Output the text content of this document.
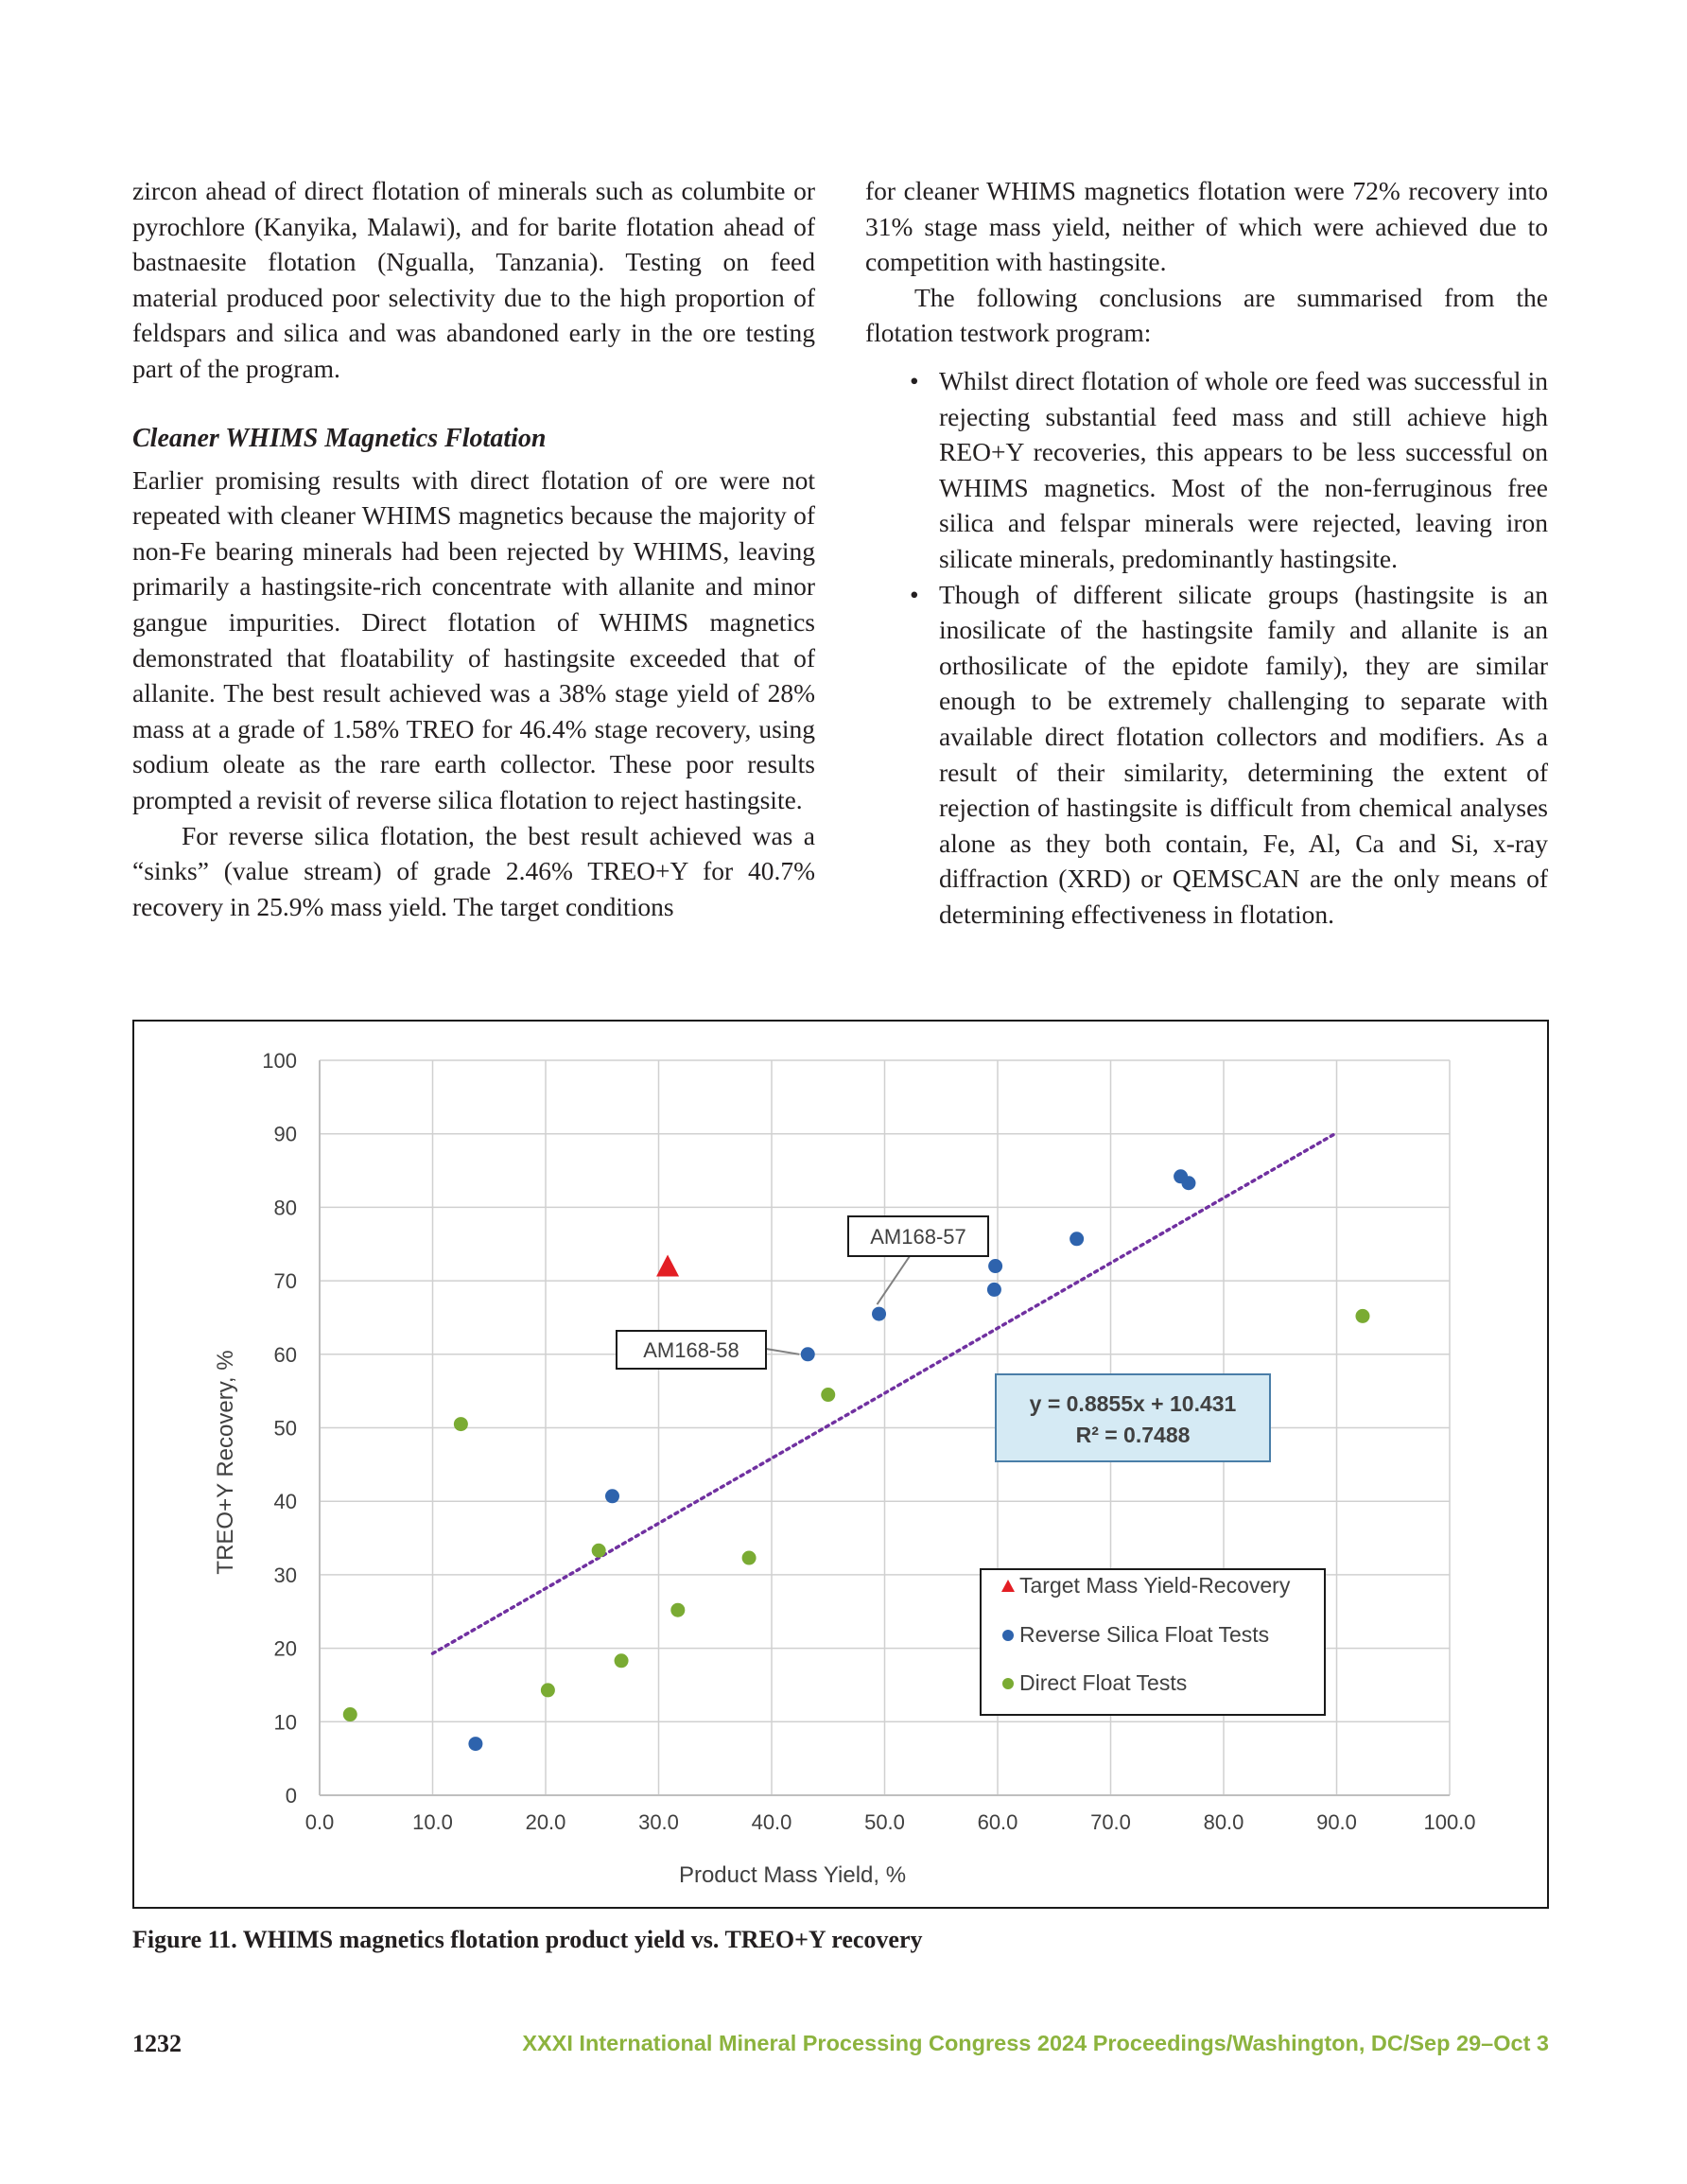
zircon ahead of direct flotation of minerals such as columbite or pyrochlore (Kanyika, Malawi), and for barite flotation ahead of bastnaesite flotation (Ngualla, Tanzania). Testing on feed material produced poor selectivity due to the high proportion of feldspars and silica and was abandoned early in the ore testing part of the program.

Cleaner WHIMS Magnetics Flotation

Earlier promising results with direct flotation of ore were not repeated with cleaner WHIMS magnetics because the majority of non-Fe bearing minerals had been rejected by WHIMS, leaving primarily a hastingsite-rich concentrate with allanite and minor gangue impurities. Direct flotation of WHIMS magnetics demonstrated that floatability of hastingsite exceeded that of allanite. The best result achieved was a 38% stage yield of 28% mass at a grade of 1.58% TREO for 46.4% stage recovery, using sodium oleate as the rare earth collector. These poor results prompted a revisit of reverse silica flotation to reject hastingsite.

For reverse silica flotation, the best result achieved was a “sinks” (value stream) of grade 2.46% TREO+Y for 40.7% recovery in 25.9% mass yield. The target conditions

for cleaner WHIMS magnetics flotation were 72% recovery into 31% stage mass yield, neither of which were achieved due to competition with hastingsite.

The following conclusions are summarised from the flotation testwork program:

• Whilst direct flotation of whole ore feed was successful in rejecting substantial feed mass and still achieve high REO+Y recoveries, this appears to be less successful on WHIMS magnetics. Most of the non-ferruginous free silica and felspar minerals were rejected, leaving iron silicate minerals, predominantly hastingsite.
• Though of different silicate groups (hastingsite is an inosilicate of the hastingsite family and allanite is an orthosilicate of the epidote family), they are similar enough to be extremely challenging to separate with available direct flotation collectors and modifiers. As a result of their similarity, determining the extent of rejection of hastingsite is difficult from chemical analyses alone as they both contain, Fe, Al, Ca and Si, x-ray diffraction (XRD) or QEMSCAN are the only means of determining effectiveness in flotation.
0.0	10.0	20.0	30.0	40.0	50.0	60.0	70.0	80.0	90.0	100.0
0
10
20
30
40
50
60
70
80
90
100
Product Mass Yield, %
TREO+Y Recovery, %
AM168-57
AM168-58
y = 0.8855x + 10.431
R² = 0.7488
Target Mass Yield-Recovery
Reverse Silica Float Tests
Direct Float Tests
Figure 11. WHIMS magnetics flotation product yield vs. TREO+Y recovery
1232	XXXI International Mineral Processing Congress 2024 Proceedings/Washington, DC/Sep 29–Oct 3
